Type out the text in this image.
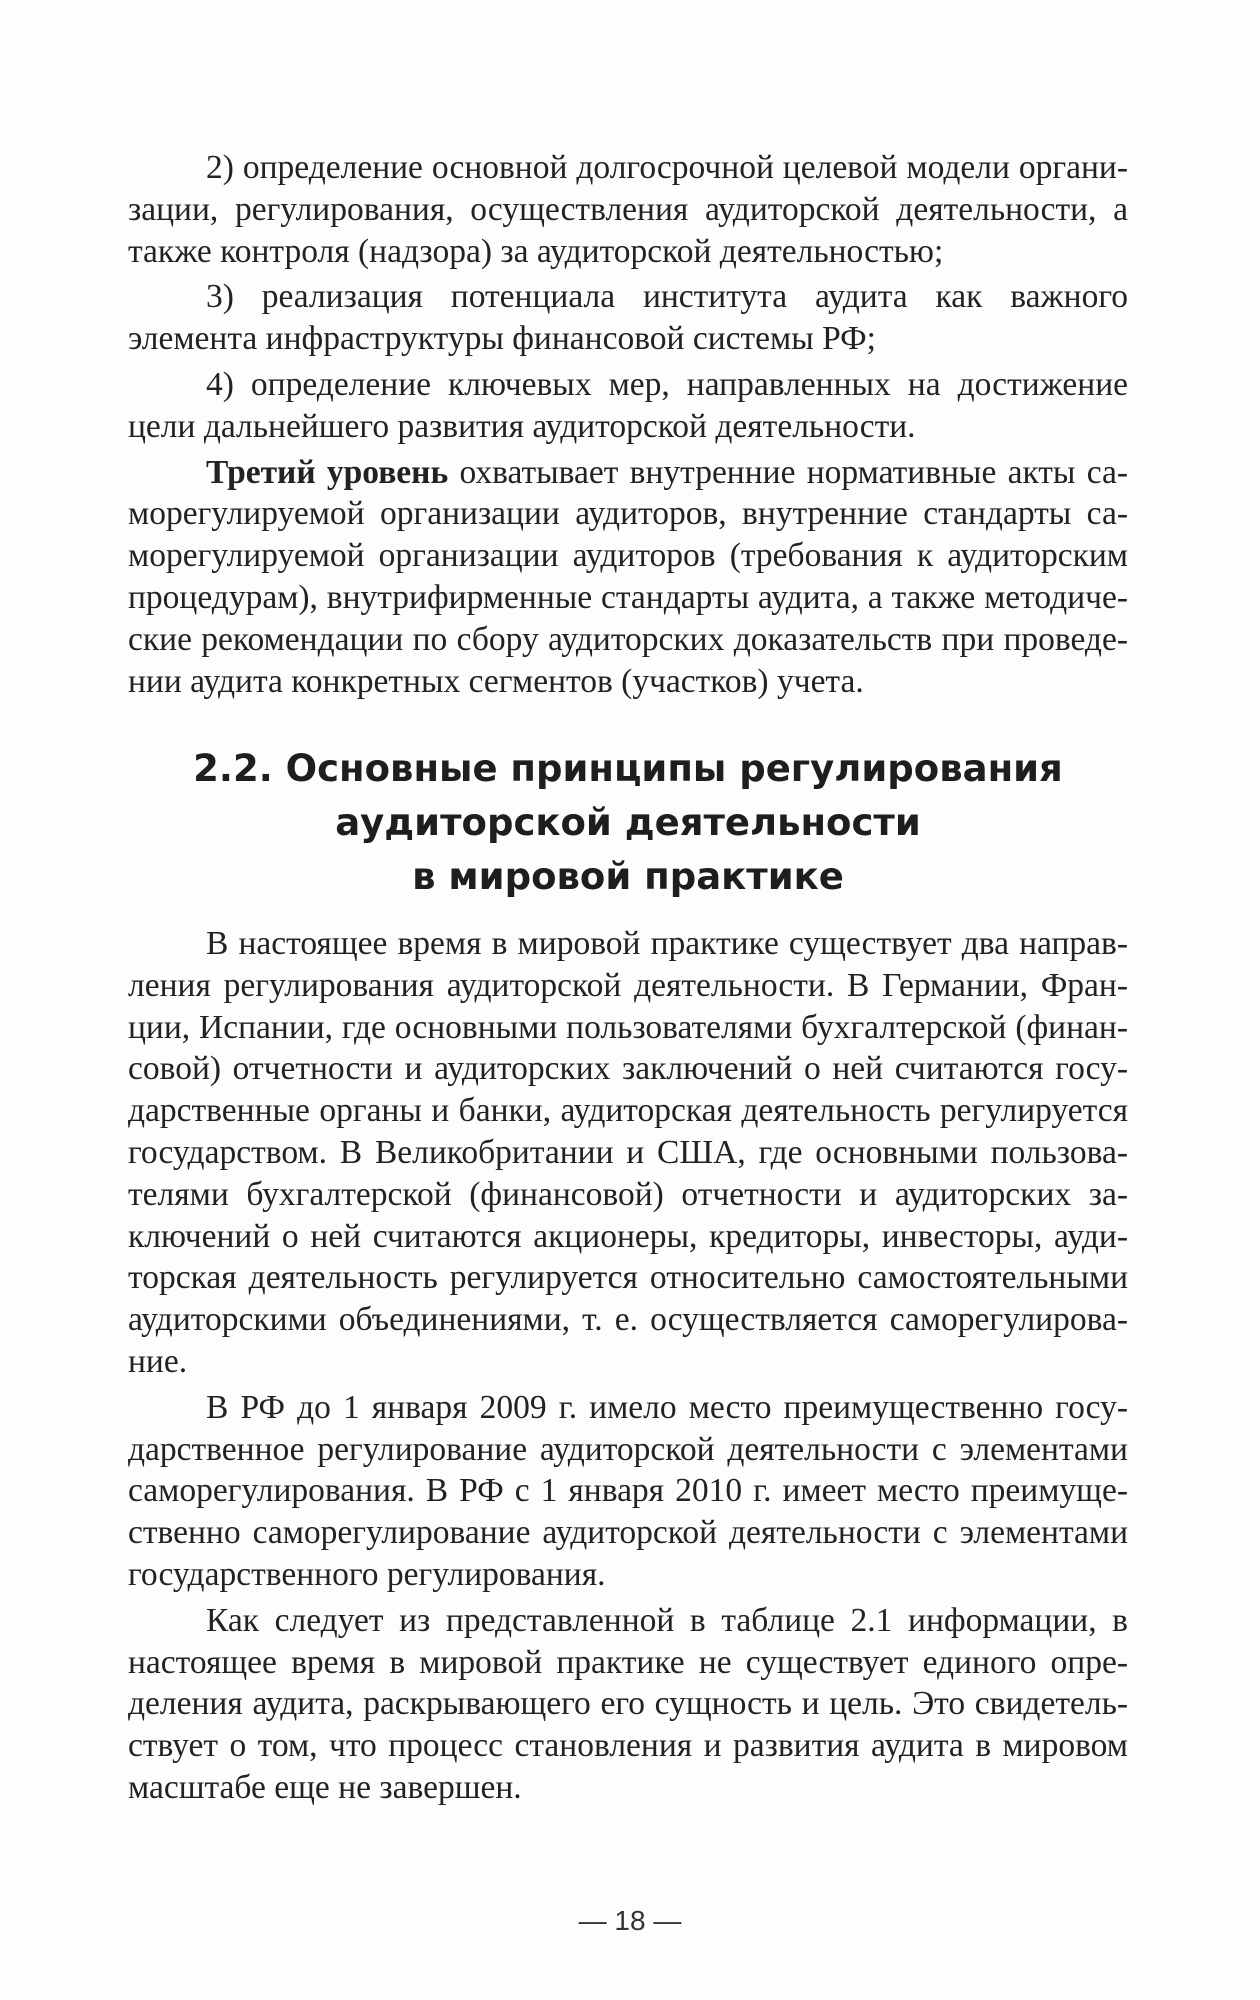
2) определение основной долгосрочной целевой модели организации, регулирования, осуществления аудиторской деятельности, а также контроля (надзора) за аудиторской деятельностью;

3) реализация потенциала института аудита как важного элемента инфраструктуры финансовой системы РФ;

4) определение ключевых мер, направленных на достижение цели дальнейшего развития аудиторской деятельности.

Третий уровень охватывает внутренние нормативные акты саморегулируемой организации аудиторов, внутренние стандарты саморегулируемой организации аудиторов (требования к аудиторским процедурам), внутрифирменные стандарты аудита, а также методические рекомендации по сбору аудиторских доказательств при проведении аудита конкретных сегментов (участков) учета.

2.2. Основные принципы регулирования
аудиторской деятельности
в мировой практике

В настоящее время в мировой практике существует два направления регулирования аудиторской деятельности. В Германии, Франции, Испании, где основными пользователями бухгалтерской (финансовой) отчетности и аудиторских заключений о ней считаются государственные органы и банки, аудиторская деятельность регулируется государством. В Великобритании и США, где основными пользователями бухгалтерской (финансовой) отчетности и аудиторских заключений о ней считаются акционеры, кредиторы, инвесторы, аудиторская деятельность регулируется относительно самостоятельными аудиторскими объединениями, т. е. осуществляется саморегулирование.

В РФ до 1 января 2009 г. имело место преимущественно государственное регулирование аудиторской деятельности с элементами саморегулирования. В РФ с 1 января 2010 г. имеет место преимущественно саморегулирование аудиторской деятельности с элементами государственного регулирования.

Как следует из представленной в таблице 2.1 информации, в настоящее время в мировой практике не существует единого определения аудита, раскрывающего его сущность и цель. Это свидетельствует о том, что процесс становления и развития аудита в мировом масштабе еще не завершен.

— 18 —
